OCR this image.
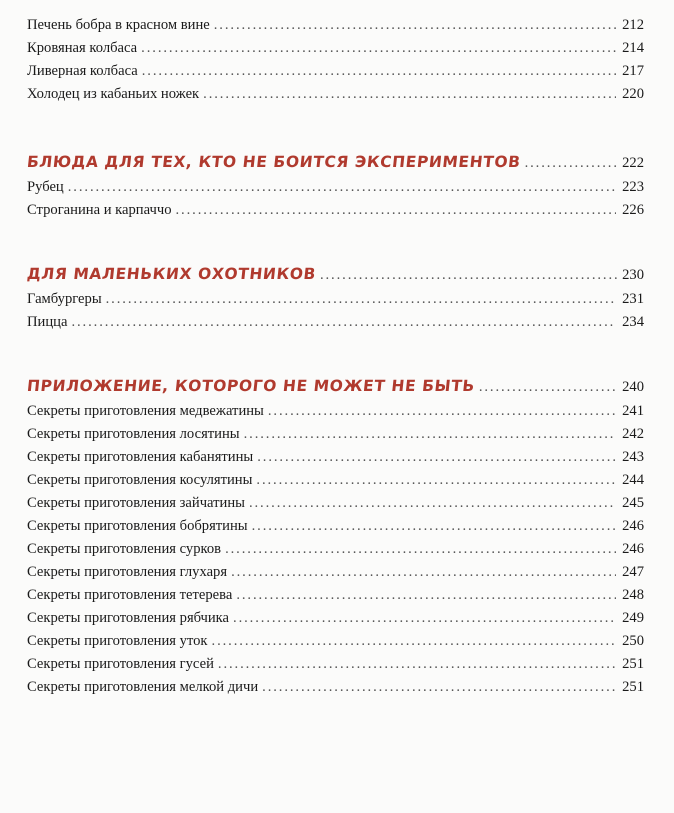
Печень бобра в красном вине .....	212
Кровяная колбаса .....	214
Ливерная колбаса .....	217
Холодец из кабаньих ножек .....	220
БЛЮДА ДЛЯ ТЕХ, КТО НЕ БОИТСЯ ЭКСПЕРИМЕНТОВ .....	222
Рубец .....	223
Строганина и карпаччо .....	226
ДЛЯ МАЛЕНЬКИХ ОХОТНИКОВ .....	230
Гамбургеры .....	231
Пицца .....	234
ПРИЛОЖЕНИЕ, КОТОРОГО НЕ МОЖЕТ НЕ БЫТЬ .....	240
Секреты приготовления медвежатины .....	241
Секреты приготовления лосятины .....	242
Секреты приготовления кабанятины .....	243
Секреты приготовления косулятины .....	244
Секреты приготовления зайчатины .....	245
Секреты приготовления бобрятины .....	246
Секреты приготовления сурков .....	246
Секреты приготовления глухаря .....	247
Секреты приготовления тетерева .....	248
Секреты приготовления рябчика .....	249
Секреты приготовления уток .....	250
Секреты приготовления гусей .....	251
Секреты приготовления мелкой дичи .....	251
